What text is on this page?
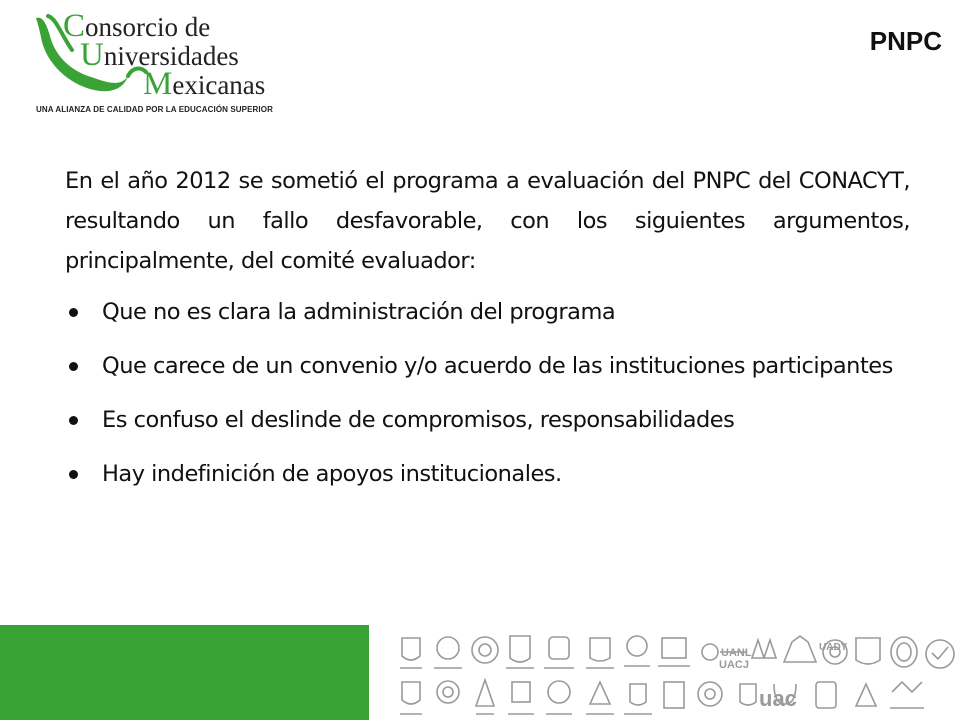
Consorcio de
Universidades
Mexicanas
UNA ALIANZA DE CALIDAD POR LA EDUCACIÓN SUPERIOR
PNPC

En el año 2012 se sometió el programa a evaluación del PNPC del CONACYT, resultando un fallo desfavorable, con los siguientes argumentos, principalmente, del comité evaluador:

Que no es clara la administración del programa
Que carece de un convenio y/o acuerdo de las instituciones participantes
Es confuso el deslinde de compromisos, responsabilidades
Hay indefinición de apoyos institucionales.
UACJ
UANL	UADY
uac
